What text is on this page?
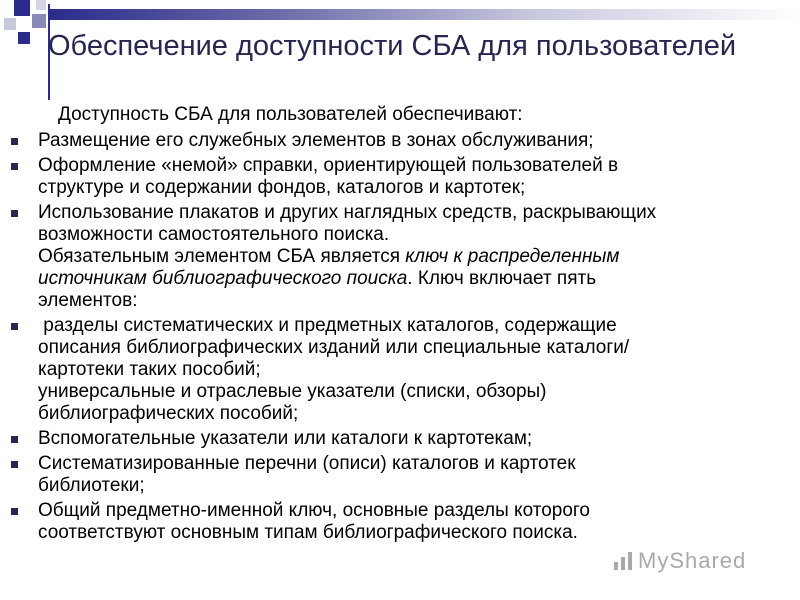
Обеспечение доступности СБА для пользователей

Доступность СБА для пользователей обеспечивают:

Размещение его служебных элементов в зонах обслуживания;
Оформление «немой» справки, ориентирующей пользователей в
структуре и содержании фондов, каталогов и картотек;
Использование плакатов и других наглядных средств, раскрывающих
возможности самостоятельного поиска.
Обязательным элементом СБА является ключ к распределенным
источникам библиографического поиска. Ключ включает пять
элементов:
разделы систематических и предметных каталогов, содержащие
описания библиографических изданий или специальные каталоги/
картотеки таких пособий;
универсальные и отраслевые указатели (списки, обзоры)
библиографических пособий;
Вспомогательные указатели или каталоги к картотекам;
Систематизированные перечни (описи) каталогов и картотек
библиотеки;
Общий предметно-именной ключ, основные разделы которого
соответствуют основным типам библиографического поиска.
MyShared
